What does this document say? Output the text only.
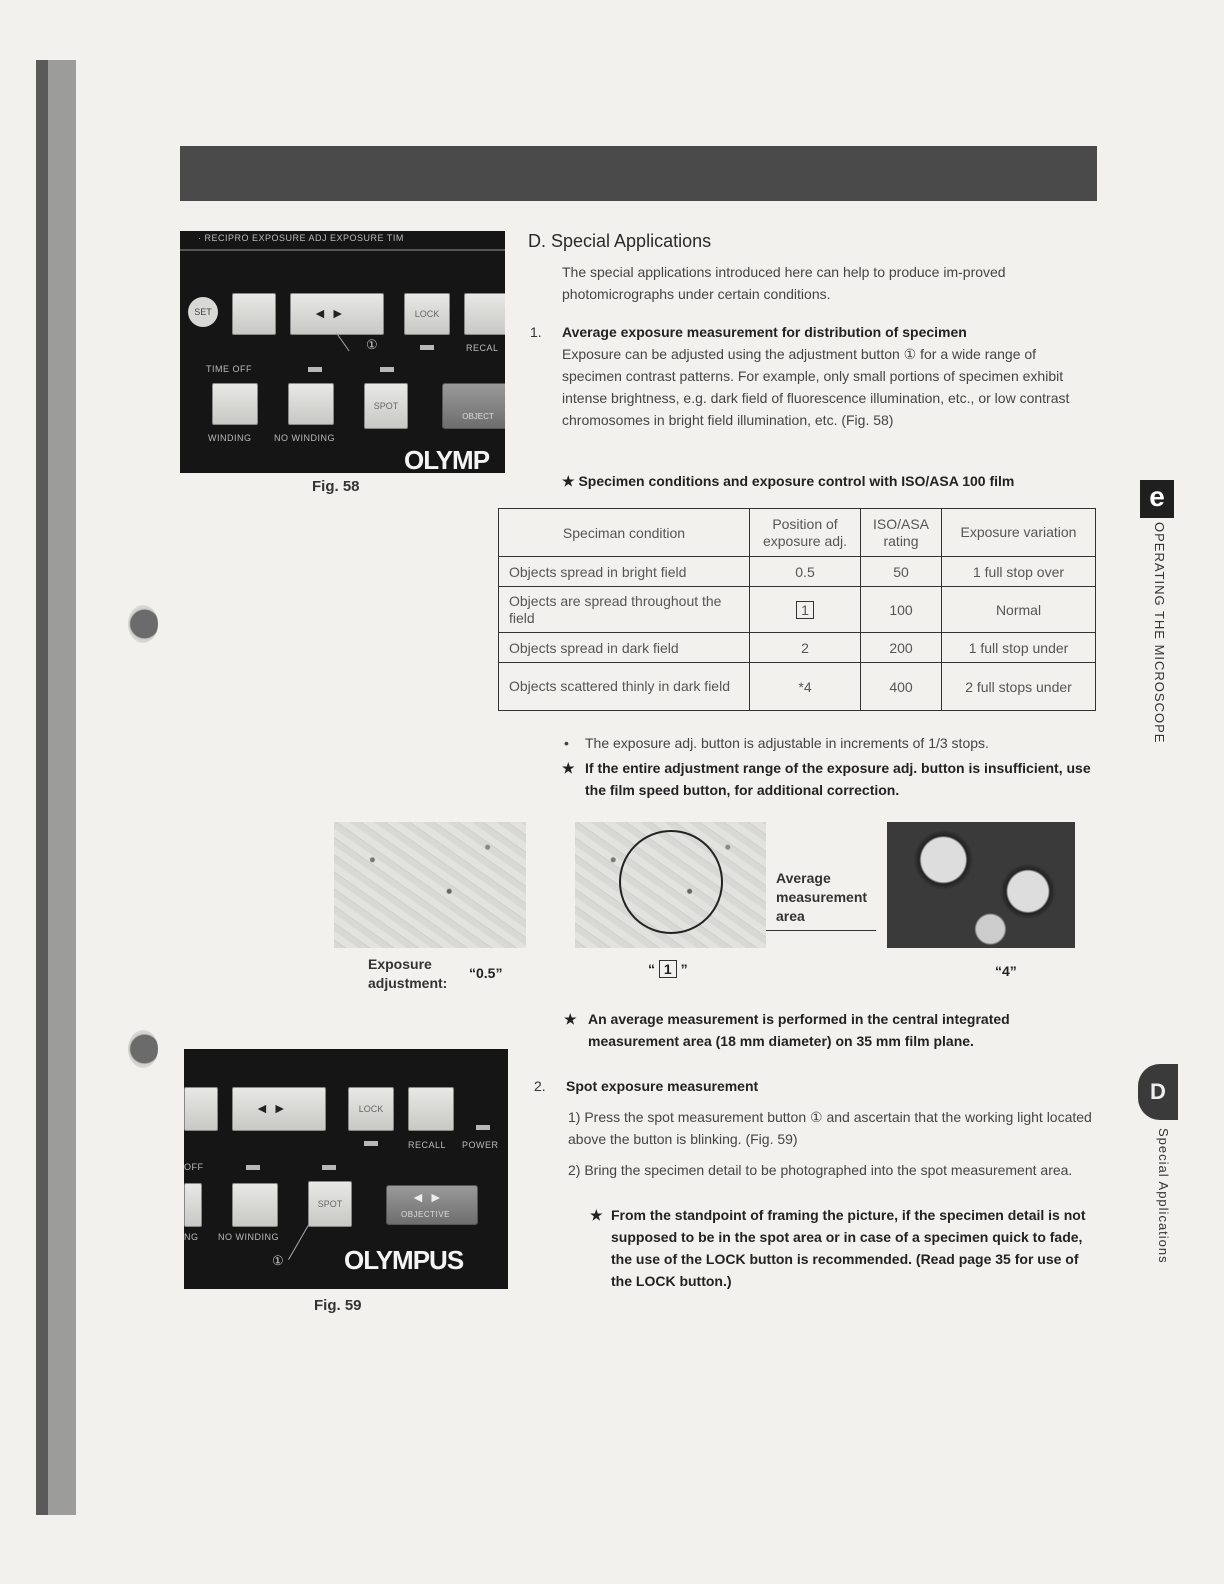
· RECIPRO EXPOSURE ADJ EXPOSURE TIM
SET	◄ ►
①
LOCK
RECAL
TIME OFF
SPOT
OBJECT
WINDING	NO WINDING
OLYMP
Fig. 58
D. Special Applications
The special applications introduced here can help to produce im-proved photomicrographs under certain conditions.
1. Average exposure measurement for distribution of specimen
Exposure can be adjusted using the adjustment button ① for a wide range of specimen contrast patterns. For example, only small portions of specimen exhibit intense brightness, e.g. dark field of fluorescence illumination, etc., or low contrast chromosomes in bright field illumination, etc. (Fig. 58)
★ Specimen conditions and exposure control with ISO/ASA 100 film
Speciman condition	Position of exposure adj.	ISO/ASA rating	Exposure variation
Objects spread in bright field	0.5	50	1 full stop over
Objects are spread throughout the field	1	100	Normal
Objects spread in dark field	2	200	1 full stop under
Objects scattered thinly in dark field	*4	400	2 full stops under
• The exposure adj. button is adjustable in increments of 1/3 stops.
★ If the entire adjustment range of the exposure adj. button is insufficient, use the film speed button, for additional correction.
Exposure adjustment:
“0.5”
Average measurement area
“ 1 ”	“4”
★ An average measurement is performed in the central integrated measurement area (18 mm diameter) on 35 mm film plane.
◄ ►	LOCK
RECALL POWER
OFF
SPOT	◄ ►
OBJECTIVE
NG NO WINDING
① OLYMPUS
Fig. 59
2. Spot exposure measurement
1) Press the spot measurement button ① and ascertain that the working light located above the button is blinking. (Fig. 59)
2) Bring the specimen detail to be photographed into the spot measurement area.
★ From the standpoint of framing the picture, if the specimen detail is not supposed to be in the spot area or in case of a specimen quick to fade, the use of the LOCK button is recommended. (Read page 35 for use of the LOCK button.)
e
OPERATING THE MICROSCOPE
D
Special Applications
